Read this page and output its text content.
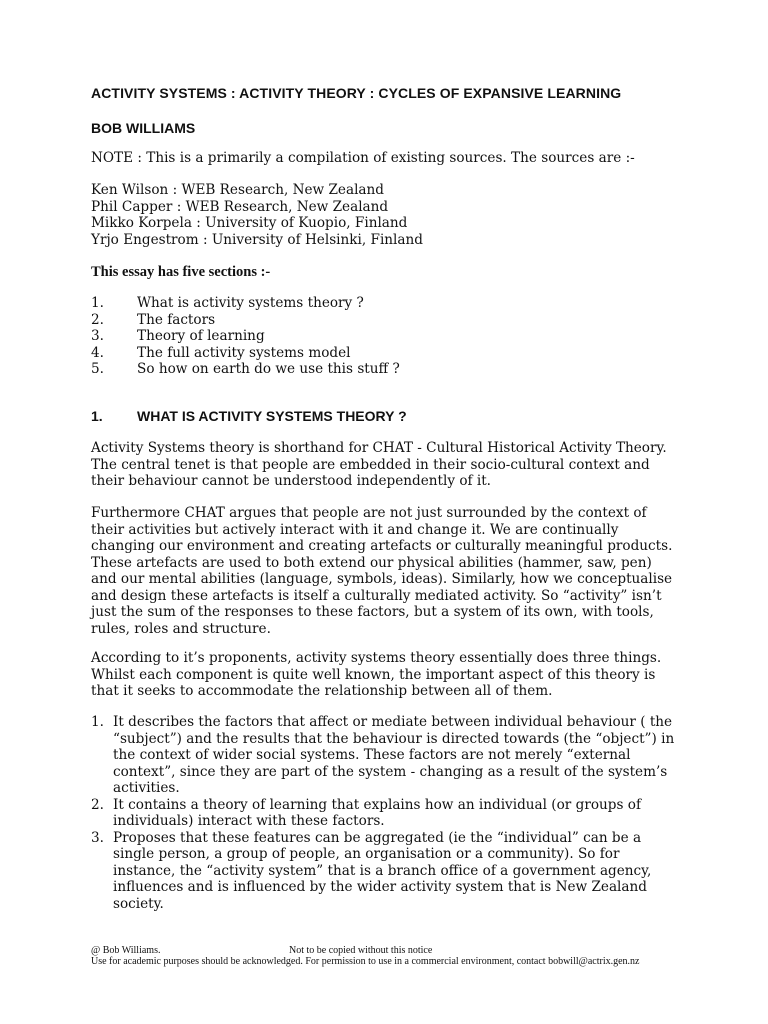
ACTIVITY SYSTEMS : ACTIVITY THEORY : CYCLES OF EXPANSIVE LEARNING
BOB WILLIAMS
NOTE : This is a primarily a compilation of existing sources. The sources are :-
Ken Wilson : WEB Research, New Zealand
Phil Capper : WEB Research, New Zealand
Mikko Korpela : University of Kuopio, Finland
Yrjo Engestrom : University of Helsinki, Finland
This essay has five sections :-
1.	What is activity systems theory ?
2.	The factors
3.	Theory of learning
4.	The full activity systems model
5.	So how on earth do we use this stuff ?
1. WHAT IS ACTIVITY SYSTEMS THEORY ?
Activity Systems theory is shorthand for CHAT - Cultural Historical Activity Theory. The central tenet is that people are embedded in their socio-cultural context and their behaviour cannot be understood independently of it.
Furthermore CHAT argues that people are not just surrounded by the context of their activities but actively interact with it and change it. We are continually changing our environment and creating artefacts or culturally meaningful products. These artefacts are used to both extend our physical abilities (hammer, saw, pen) and our mental abilities (language, symbols, ideas). Similarly, how we conceptualise and design these artefacts is itself a culturally mediated activity. So “activity” isn’t just the sum of the responses to these factors, but a system of its own, with tools, rules, roles and structure.
According to it’s proponents, activity systems theory essentially does three things. Whilst each component is quite well known, the important aspect of this theory is that it seeks to accommodate the relationship between all of them.
1. It describes the factors that affect or mediate between individual behaviour ( the “subject”) and the results that the behaviour is directed towards (the “object”) in the context of wider social systems. These factors are not merely “external context”, since they are part of the system - changing as a result of the system’s activities.
2. It contains a theory of learning that explains how an individual (or groups of individuals) interact with these factors.
3. Proposes that these features can be aggregated (ie the “individual” can be a single person, a group of people, an organisation or a community). So for instance, the “activity system” that is a branch office of a government agency, influences and is influenced by the wider activity system that is New Zealand society.
@ Bob Williams.	Not to be copied without this notice
Use for academic purposes should be acknowledged. For permission to use in a commercial environment, contact bobwill@actrix.gen.nz
